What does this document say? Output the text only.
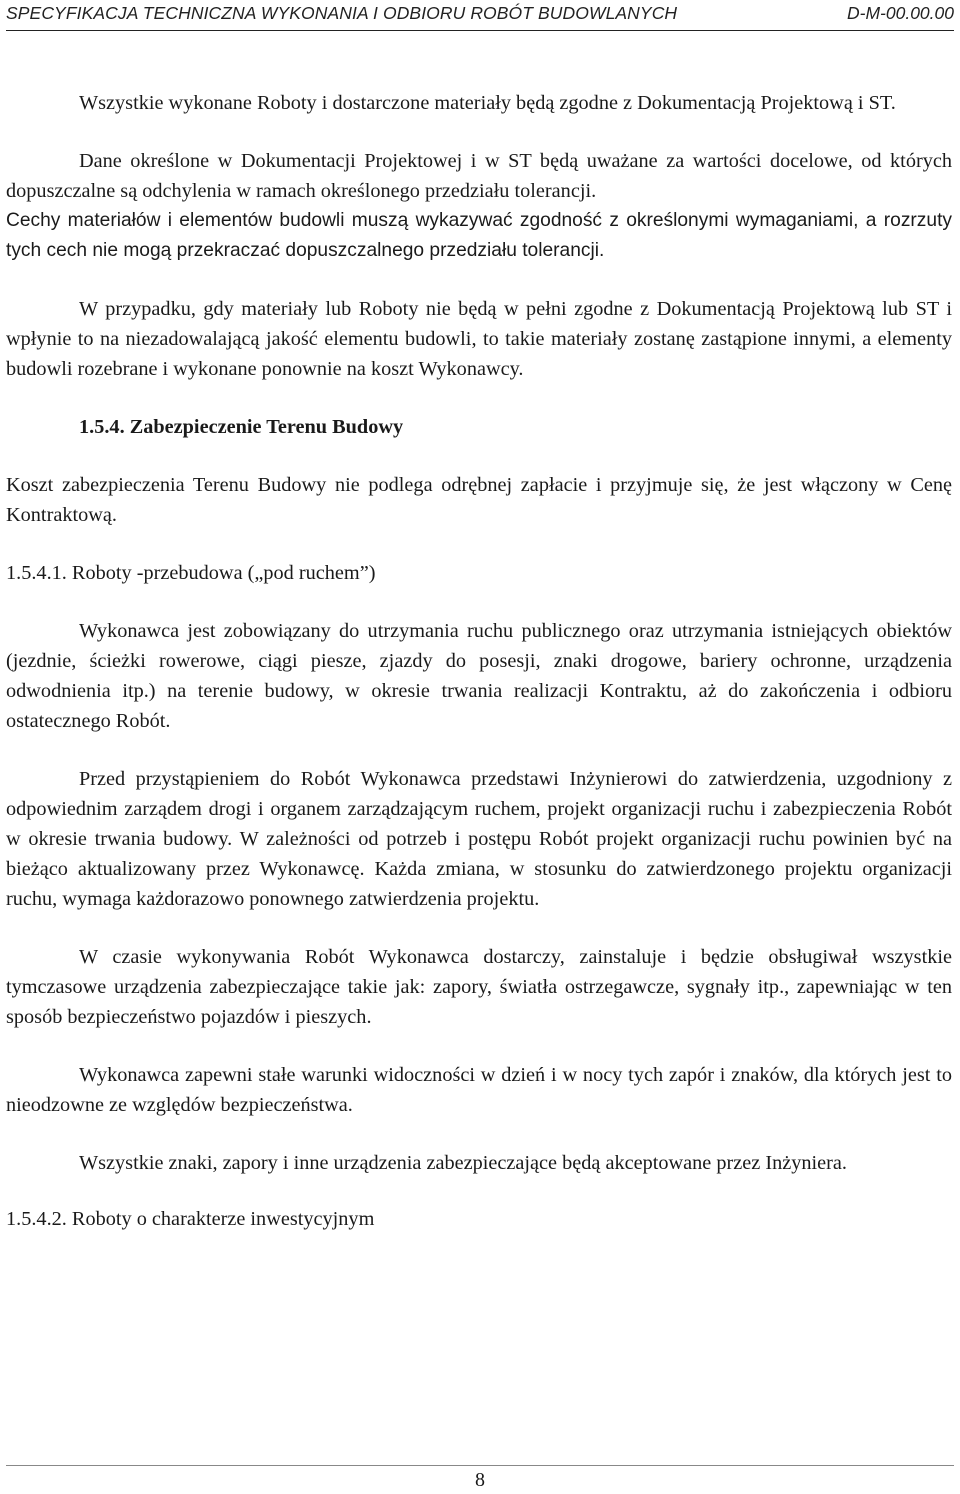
SPECYFIKACJA TECHNICZNA WYKONANIA I ODBIORU ROBÓT BUDOWLANYCH	D-M-00.00.00

Wszystkie wykonane Roboty i dostarczone materiały będą zgodne z Dokumentacją Projektową i ST.

Dane określone w Dokumentacji Projektowej i w ST będą uważane za wartości docelowe, od których dopuszczalne są odchylenia w ramach określonego przedziału tolerancji.

Cechy materiałów i elementów budowli muszą wykazywać zgodność z określonymi wymaganiami, a rozrzuty tych cech nie mogą przekraczać dopuszczalnego przedziału tolerancji.

W przypadku, gdy materiały lub Roboty nie będą w pełni zgodne z Dokumentacją Projektową lub ST i wpłynie to na niezadowalającą jakość elementu budowli, to takie materiały zostanę zastąpione innymi, a elementy budowli rozebrane i wykonane ponownie na koszt Wykonawcy.

1.5.4. Zabezpieczenie Terenu Budowy

Koszt zabezpieczenia Terenu Budowy nie podlega odrębnej zapłacie i przyjmuje się, że jest włączony w Cenę Kontraktową.

1.5.4.1. Roboty -przebudowa („pod ruchem”)

Wykonawca jest zobowiązany do utrzymania ruchu publicznego oraz utrzymania istniejących obiektów (jezdnie, ścieżki rowerowe, ciągi piesze, zjazdy do posesji, znaki drogowe, bariery ochronne, urządzenia odwodnienia itp.) na terenie budowy, w okresie trwania realizacji Kontraktu, aż do zakończenia i odbioru ostatecznego Robót.

Przed przystąpieniem do Robót Wykonawca przedstawi Inżynierowi do zatwierdzenia, uzgodniony z odpowiednim zarządem drogi i organem zarządzającym ruchem, projekt organizacji ruchu i zabezpieczenia Robót w okresie trwania budowy. W zależności od potrzeb i postępu Robót projekt organizacji ruchu powinien być na bieżąco aktualizowany przez Wykonawcę. Każda zmiana, w stosunku do zatwierdzonego projektu organizacji ruchu, wymaga każdorazowo ponownego zatwierdzenia projektu.

W czasie wykonywania Robót Wykonawca dostarczy, zainstaluje i będzie obsługiwał wszystkie tymczasowe urządzenia zabezpieczające takie jak: zapory, światła ostrzegawcze, sygnały itp., zapewniając w ten sposób bezpieczeństwo pojazdów i pieszych.

Wykonawca zapewni stałe warunki widoczności w dzień i w nocy tych zapór i znaków, dla których jest to nieodzowne ze względów bezpieczeństwa.

Wszystkie znaki, zapory i inne urządzenia zabezpieczające będą akceptowane przez Inżyniera.

1.5.4.2. Roboty o charakterze inwestycyjnym

8
